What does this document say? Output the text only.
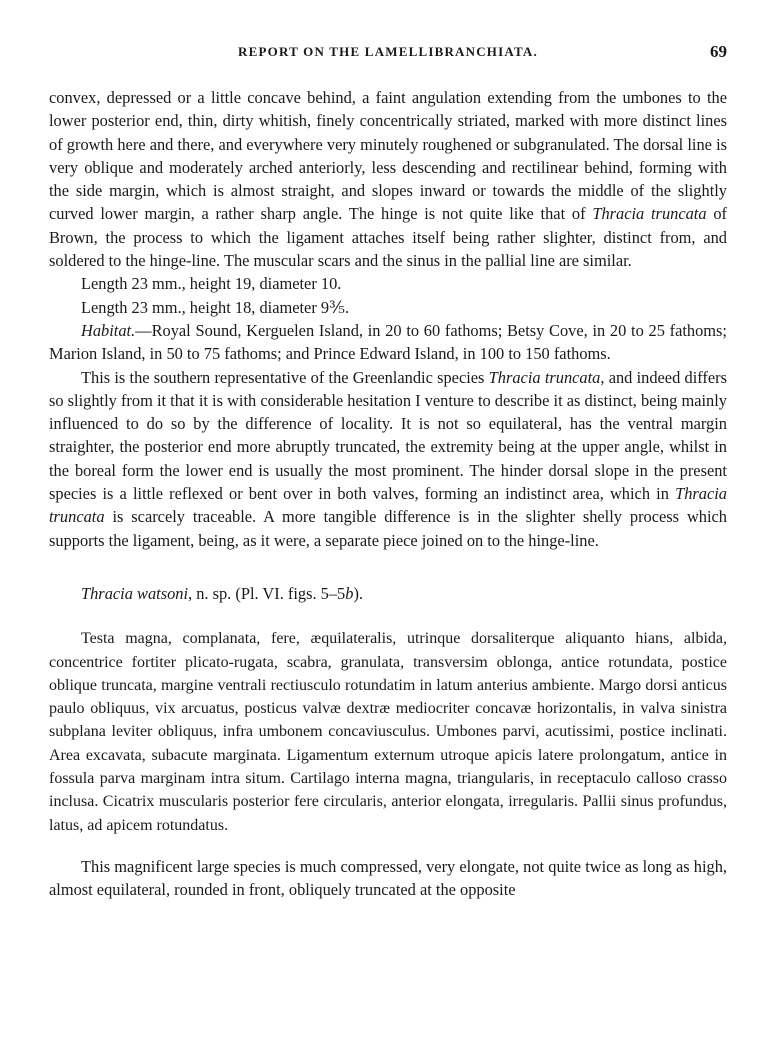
REPORT ON THE LAMELLIBRANCHIATA.	69

convex, depressed or a little concave behind, a faint angulation extending from the umbones to the lower posterior end, thin, dirty whitish, finely concentrically striated, marked with more distinct lines of growth here and there, and everywhere very minutely roughened or subgranulated. The dorsal line is very oblique and moderately arched anteriorly, less descending and rectilinear behind, forming with the side margin, which is almost straight, and slopes inward or towards the middle of the slightly curved lower margin, a rather sharp angle. The hinge is not quite like that of Thracia truncata of Brown, the process to which the ligament attaches itself being rather slighter, distinct from, and soldered to the hinge-line. The muscular scars and the sinus in the pallial line are similar.

Length 23 mm., height 19, diameter 10.

Length 23 mm., height 18, diameter 9⅗.

Habitat.—Royal Sound, Kerguelen Island, in 20 to 60 fathoms; Betsy Cove, in 20 to 25 fathoms; Marion Island, in 50 to 75 fathoms; and Prince Edward Island, in 100 to 150 fathoms.

This is the southern representative of the Greenlandic species Thracia truncata, and indeed differs so slightly from it that it is with considerable hesitation I venture to describe it as distinct, being mainly influenced to do so by the difference of locality. It is not so equilateral, has the ventral margin straighter, the posterior end more abruptly truncated, the extremity being at the upper angle, whilst in the boreal form the lower end is usually the most prominent. The hinder dorsal slope in the present species is a little reflexed or bent over in both valves, forming an indistinct area, which in Thracia truncata is scarcely traceable. A more tangible difference is in the slighter shelly process which supports the ligament, being, as it were, a separate piece joined on to the hinge-line.

Thracia watsoni, n. sp. (Pl. VI. figs. 5–5b).

Testa magna, complanata, fere, æquilateralis, utrinque dorsaliterque aliquanto hians, albida, concentrice fortiter plicato-rugata, scabra, granulata, transversim oblonga, antice rotundata, postice oblique truncata, margine ventrali rectiusculo rotundatim in latum anterius ambiente. Margo dorsi anticus paulo obliquus, vix arcuatus, posticus valvæ dextræ mediocriter concavæ horizontalis, in valva sinistra subplana leviter obliquus, infra umbonem concaviusculus. Umbones parvi, acutissimi, postice inclinati. Area excavata, subacute marginata. Ligamentum externum utroque apicis latere prolongatum, antice in fossula parva marginam intra situm. Cartilago interna magna, triangularis, in receptaculo calloso crasso inclusa. Cicatrix muscularis posterior fere circularis, anterior elongata, irregularis. Pallii sinus profundus, latus, ad apicem rotundatus.

This magnificent large species is much compressed, very elongate, not quite twice as long as high, almost equilateral, rounded in front, obliquely truncated at the opposite
